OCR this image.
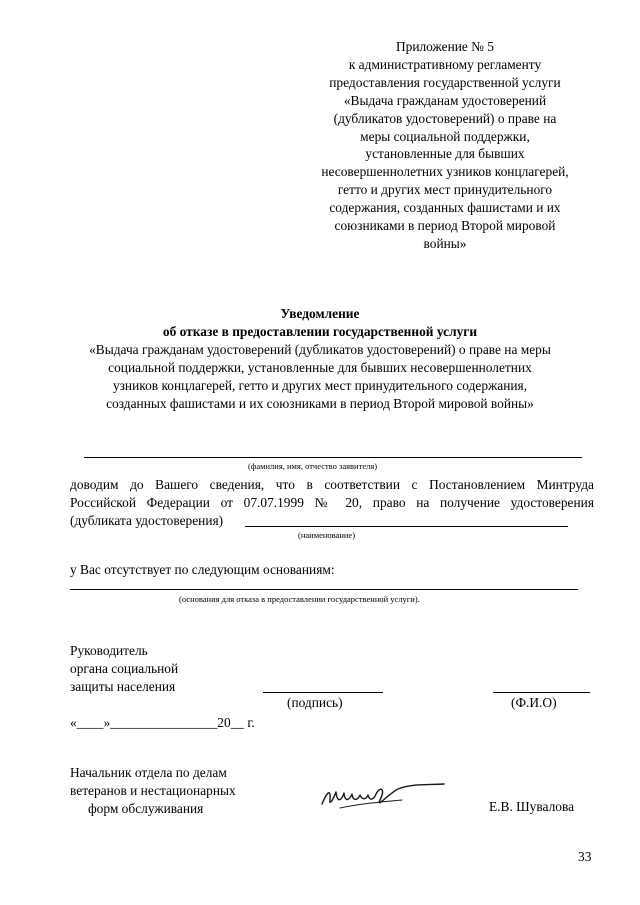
Приложение № 5
к административному регламенту
предоставления государственной услуги
«Выдача гражданам удостоверений
(дубликатов удостоверений) о праве на
меры социальной поддержки,
установленные для бывших
несовершеннолетних узников концлагерей,
гетто и других мест принудительного
содержания, созданных фашистами и их
союзниками в период Второй мировой
войны»
Уведомление
об отказе в предоставлении государственной услуги
«Выдача гражданам удостоверений (дубликатов удостоверений) о праве на меры
социальной поддержки, установленные для бывших несовершеннолетних
узников концлагерей, гетто и других мест принудительного содержания,
созданных фашистами и их союзниками в период Второй мировой войны»
(фамилия, имя, отчество заявителя)
доводим до Вашего сведения, что в соответствии с Постановлением Минтруда
Российской Федерации от 07.07.1999 № 20, право на получение удостоверения
(дубликата удостоверения)
(наименование)
у Вас отсутствует по следующим основаниям:
(основания для отказа в предоставлении государственной услуги).
Руководитель
органа социальной
защиты населения
(подпись)	(Ф.И.О)
«____»________________20__ г.
Начальник отдела по делам
ветеранов и нестационарных
форм обслуживания	Е.В. Шувалова
33
